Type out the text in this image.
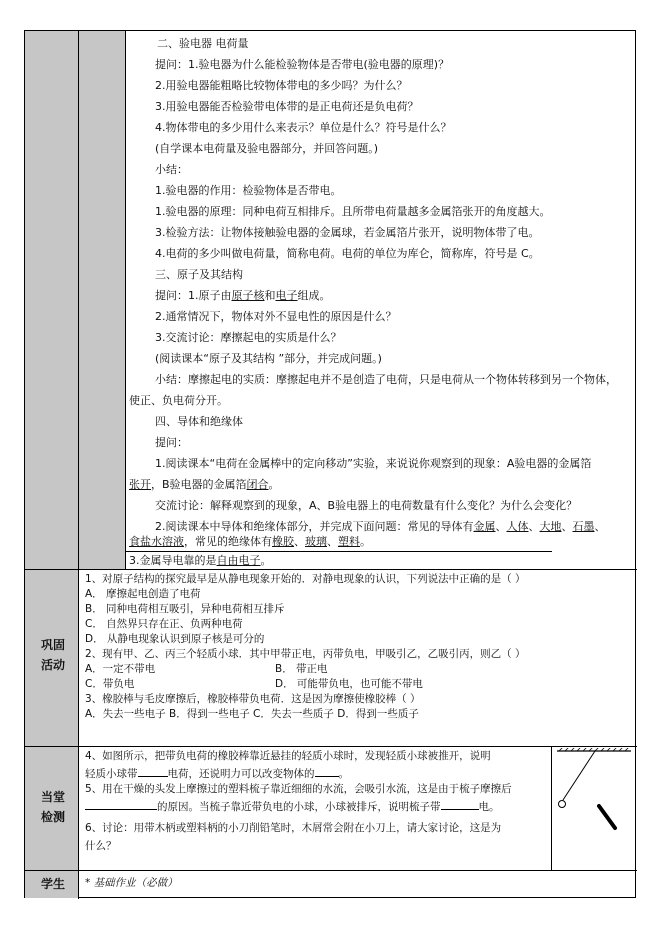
巩固
活动
当堂
检测
学生
二、验电器 电荷量
提问：1.验电器为什么能检验物体是否带电(验电器的原理)？
2.用验电器能粗略比较物体带电的多少吗？为什么？
3.用验电器能否检验带电体带的是正电荷还是负电荷？
4.物体带电的多少用什么来表示？单位是什么？符号是什么？
(自学课本电荷量及验电器部分，并回答问题。)
小结：
1.验电器的作用：检验物体是否带电。
1.验电器的原理：同种电荷互相排斥。且所带电荷量越多金属箔张开的角度越大。
3.检验方法：让物体接触验电器的金属球，若金属箔片张开，说明物体带了电。
4.电荷的多少叫做电荷量，简称电荷。电荷的单位为库仑，简称库，符号是 C。
三、原子及其结构
提问：1.原子由原子核和电子组成。
2.通常情况下，物体对外不显电性的原因是什么？
3.交流讨论：摩擦起电的实质是什么？
(阅读课本“原子及其结构 ”部分，并完成问题。)
小结：摩擦起电的实质：摩擦起电并不是创造了电荷，只是电荷从一个物体转移到另一个物体，
使正、负电荷分开。
四、导体和绝缘体
提问：
1.阅读课本“电荷在金属棒中的定向移动”实验，来说说你观察到的现象：A验电器的金属箔
张开，B验电器的金属箔闭合。
交流讨论：解释观察到的现象，A、B验电器上的电荷数量有什么变化？为什么会变化？
2.阅读课本中导体和绝缘体部分，并完成下面问题：常见的导体有金属、人体、大地、石墨、
食盐水溶液，常见的绝缘体有橡胶、玻璃、塑料。
3.金属导电靠的是自由电子。
1、对原子结构的探究最早是从静电现象开始的．对静电现象的认识，下列说法中正确的是（ ）
A． 摩擦起电创造了电荷
B． 同种电荷相互吸引，异种电荷相互排斥
C． 自然界只存在正、负两种电荷
D． 从静电现象认识到原子核是可分的
2、现有甲、乙、丙三个轻质小球．其中甲带正电，丙带负电，甲吸引乙，乙吸引丙，则乙（ ）
A．一定不带电	B． 带正电
C．带负电	D． 可能带负电，也可能不带电
3、橡胶棒与毛皮摩擦后，橡胶棒带负电荷．这是因为摩擦使橡胶棒（ ）
A．失去一些电子 B．得到一些电子 C．失去一些质子 D．得到一些质子
4、如图所示，把带负电荷的橡胶棒靠近悬挂的轻质小球时，发现轻质小球被推开，说明
轻质小球带	电荷，还说明力可以改变物体的 。
5、用在干燥的头发上摩擦过的塑料梳子靠近细细的水流，会吸引水流，这是由于梳子摩擦后
的原因。当梳子靠近带负电的小球，小球被排斥，说明梳子带	电。
6、讨论：用带木柄或塑料柄的小刀削铅笔时，木屑常会附在小刀上，请大家讨论，这是为
什么？
* 基础作业（必做）
